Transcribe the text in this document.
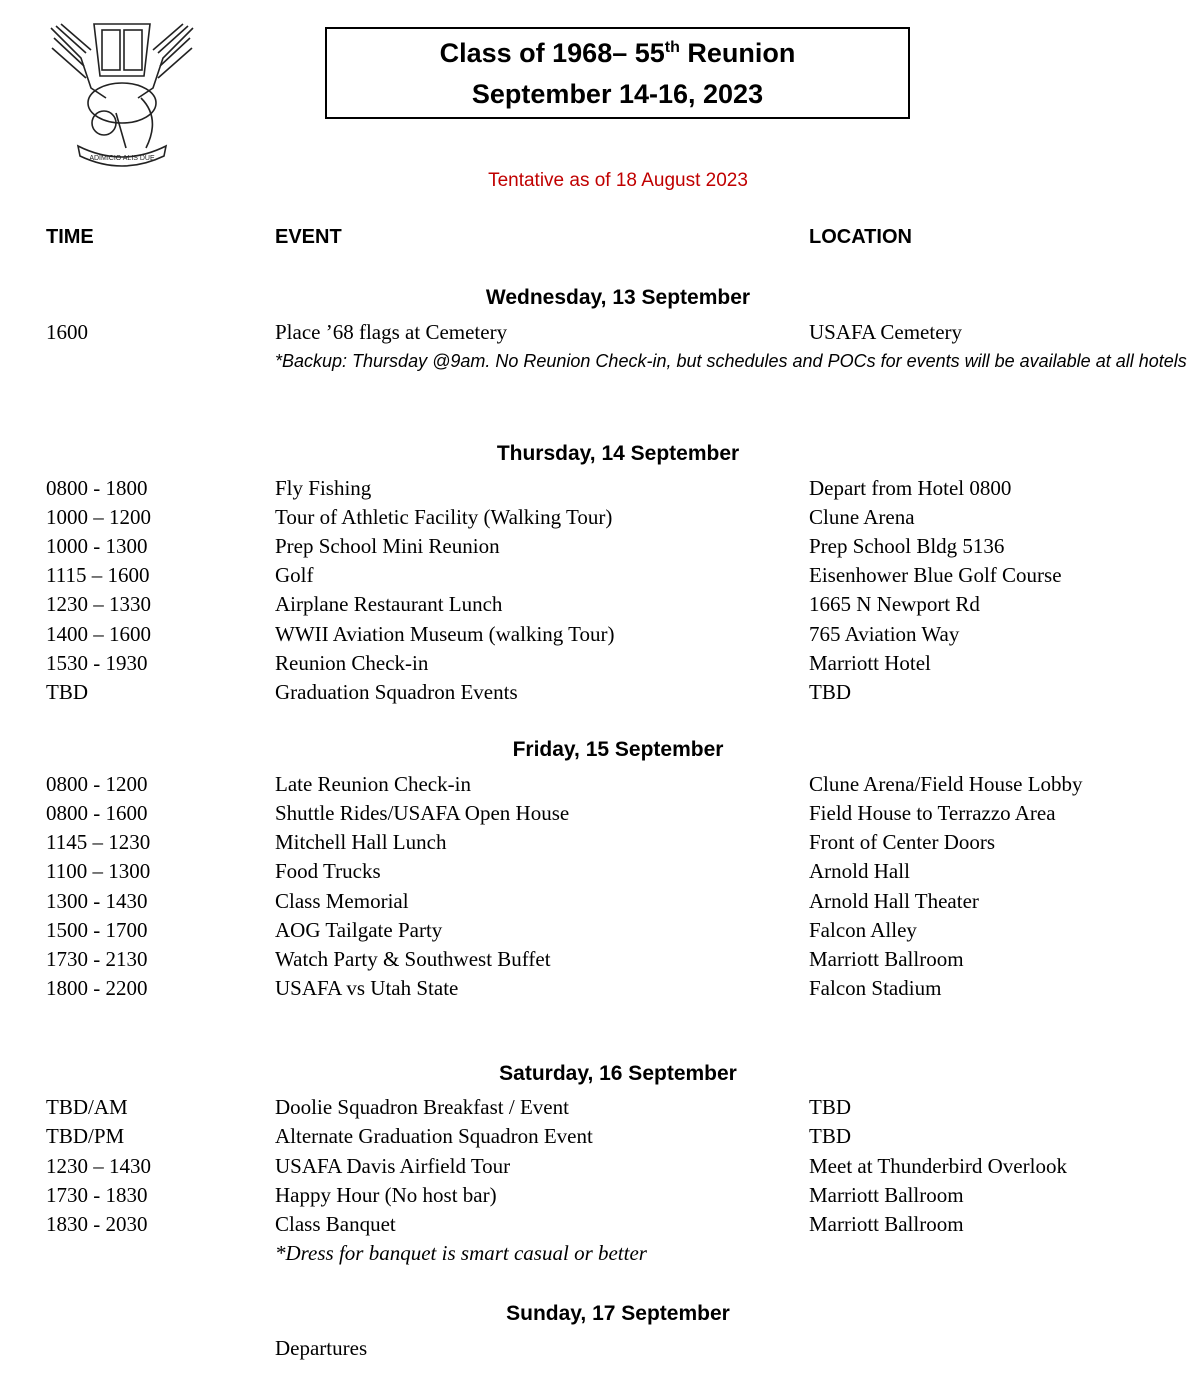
ADIMICIO ALIS DUE
Class of 1968– 55th Reunion
September 14-16, 2023
Tentative as of 18 August 2023
TIME	EVENT	LOCATION
Wednesday, 13 September
1600	Place ’68 flags at Cemetery	USAFA Cemetery
*Backup: Thursday @9am. No Reunion Check-in, but schedules and POCs for events will be available at all hotels
Thursday, 14 September
0800 - 1800	Fly Fishing	Depart from Hotel 0800
1000 – 1200	Tour of Athletic Facility (Walking Tour)	Clune Arena
1000 - 1300	Prep School Mini Reunion	Prep School Bldg 5136
1115 – 1600	Golf	Eisenhower Blue Golf Course
1230 – 1330	Airplane Restaurant Lunch	1665 N Newport Rd
1400 – 1600	WWII Aviation Museum (walking Tour)	765 Aviation Way
1530 - 1930	Reunion Check-in	Marriott Hotel
TBD	Graduation Squadron Events	TBD
Friday, 15 September
0800 - 1200	Late Reunion Check-in	Clune Arena/Field House Lobby
0800 - 1600	Shuttle Rides/USAFA Open House	Field House to Terrazzo Area
1145 – 1230	Mitchell Hall Lunch	Front of Center Doors
1100 – 1300	Food Trucks	Arnold Hall
1300 - 1430	Class Memorial	Arnold Hall Theater
1500 - 1700	AOG Tailgate Party	Falcon Alley
1730 - 2130	Watch Party & Southwest Buffet	Marriott Ballroom
1800 - 2200	USAFA vs Utah State	Falcon Stadium
Saturday, 16 September
TBD/AM	Doolie Squadron Breakfast / Event	TBD
TBD/PM	Alternate Graduation Squadron Event	TBD
1230 – 1430	USAFA Davis Airfield Tour	Meet at Thunderbird Overlook
1730 - 1830	Happy Hour (No host bar)	Marriott Ballroom
1830 - 2030	Class Banquet	Marriott Ballroom
*Dress for banquet is smart casual or better
Sunday, 17 September
Departures
